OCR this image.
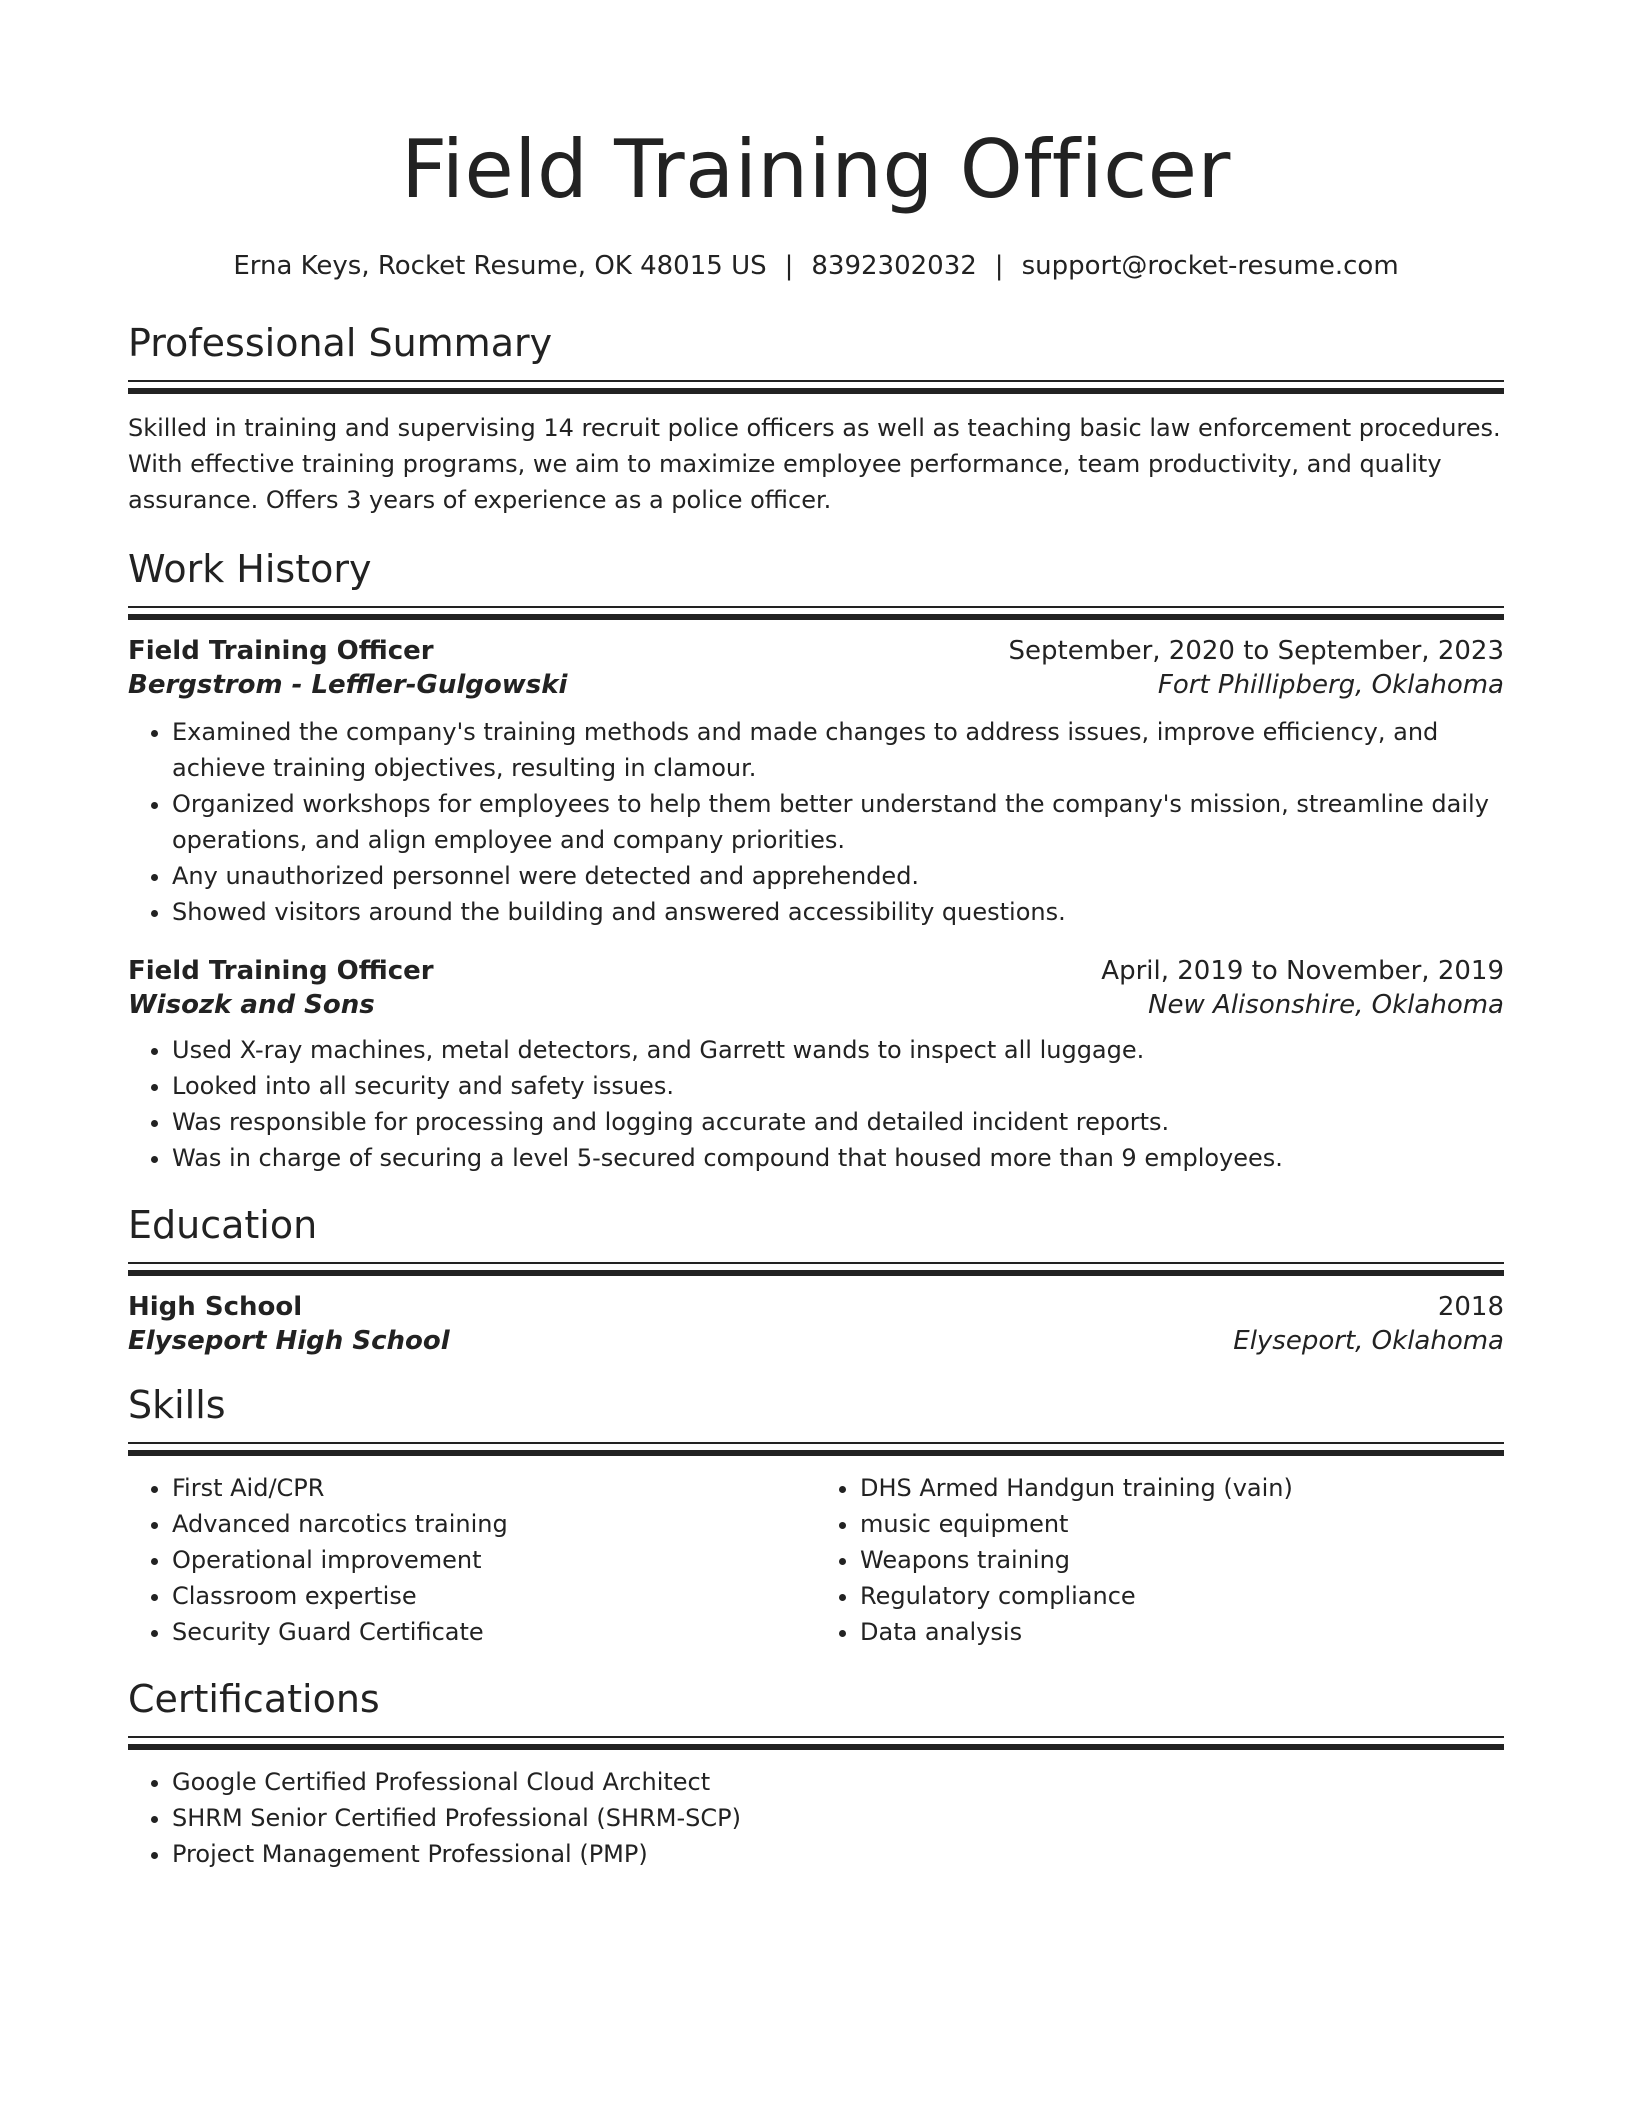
Field Training Officer
Erna Keys, Rocket Resume, OK 48015 US | 8392302032 | support@rocket-resume.com
Professional Summary

Skilled in training and supervising 14 recruit police officers as well as teaching basic law enforcement procedures. With effective training programs, we aim to maximize employee performance, team productivity, and quality assurance. Offers 3 years of experience as a police officer.

Work History
Field Training Officer	September, 2020 to September, 2023
Bergstrom - Leffler-Gulgowski	Fort Phillipberg, Oklahoma
• Examined the company's training methods and made changes to address issues, improve efficiency, and achieve training objectives, resulting in clamour.
• Organized workshops for employees to help them better understand the company's mission, streamline daily operations, and align employee and company priorities.
• Any unauthorized personnel were detected and apprehended.
• Showed visitors around the building and answered accessibility questions.
Field Training Officer	April, 2019 to November, 2019
Wisozk and Sons	New Alisonshire, Oklahoma
• Used X-ray machines, metal detectors, and Garrett wands to inspect all luggage.
• Looked into all security and safety issues.
• Was responsible for processing and logging accurate and detailed incident reports.
• Was in charge of securing a level 5-secured compound that housed more than 9 employees.
Education
High School	2018
Elyseport High School	Elyseport, Oklahoma
Skills
• First Aid/CPR
• Advanced narcotics training
• Operational improvement
• Classroom expertise
• Security Guard Certificate
• DHS Armed Handgun training (vain)
• music equipment
• Weapons training
• Regulatory compliance
• Data analysis
Certifications
• Google Certified Professional Cloud Architect
• SHRM Senior Certified Professional (SHRM-SCP)
• Project Management Professional (PMP)
